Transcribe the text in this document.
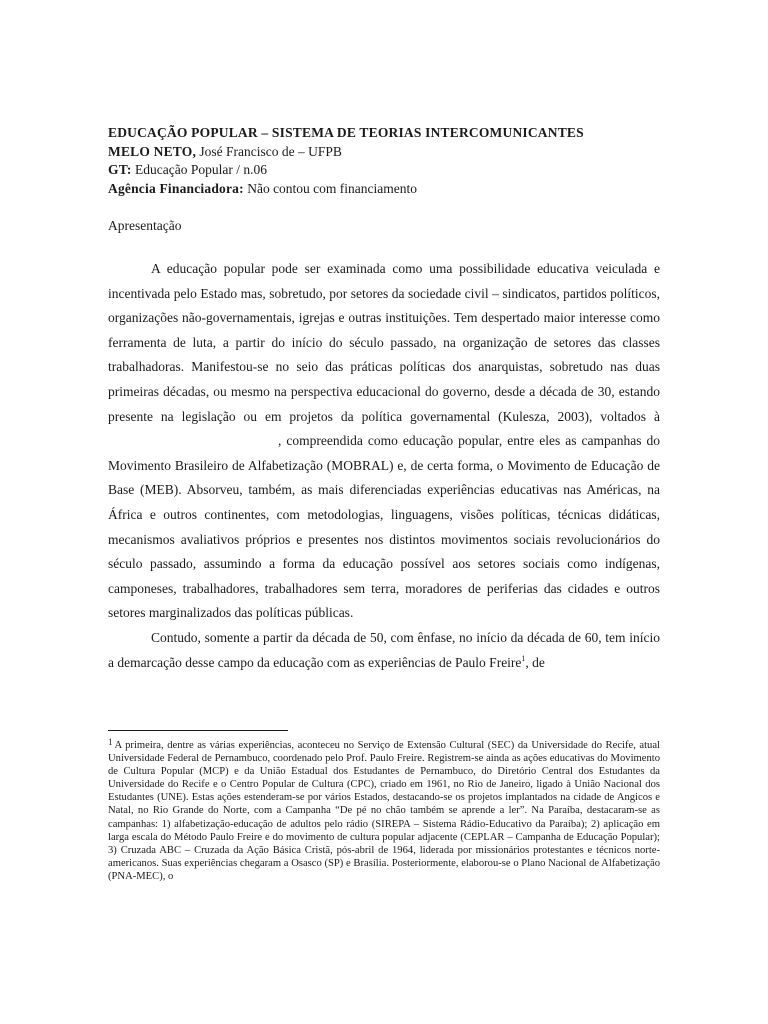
EDUCAÇÃO POPULAR – SISTEMA DE TEORIAS INTERCOMUNICANTES

MELO NETO, José Francisco de – UFPB

GT: Educação Popular / n.06

Agência Financiadora: Não contou com financiamento

Apresentação

A educação popular pode ser examinada como uma possibilidade educativa veiculada e incentivada pelo Estado mas, sobretudo, por setores da sociedade civil – sindicatos, partidos políticos, organizações não-governamentais, igrejas e outras instituições. Tem despertado maior interesse como ferramenta de luta, a partir do início do século passado, na organização de setores das classes trabalhadoras. Manifestou-se no seio das práticas políticas dos anarquistas, sobretudo nas duas primeiras décadas, ou mesmo na perspectiva educacional do governo, desde a década de 30, estando presente na legislação ou em projetos da política governamental (Kulesza, 2003), voltados à, compreendida como educação popular, entre eles as campanhas do Movimento Brasileiro de Alfabetização (MOBRAL) e, de certa forma, o Movimento de Educação de Base (MEB). Absorveu, também, as mais diferenciadas experiências educativas nas Américas, na África e outros continentes, com metodologias, linguagens, visões políticas, técnicas didáticas, mecanismos avaliativos próprios e presentes nos distintos movimentos sociais revolucionários do século passado, assumindo a forma da educação possível aos setores sociais como indígenas, camponeses, trabalhadores, trabalhadores sem terra, moradores de periferias das cidades e outros setores marginalizados das políticas públicas.

Contudo, somente a partir da década de 50, com ênfase, no início da década de 60, tem início a demarcação desse campo da educação com as experiências de Paulo Freire$^1$, de

$^1$ A primeira, dentre as várias experiências, aconteceu no Serviço de Extensão Cultural (SEC) da Universidade do Recife, atual Universidade Federal de Pernambuco, coordenado pelo Prof. Paulo Freire. Registrem-se ainda as ações educativas do Movimento de Cultura Popular (MCP) e da União Estadual dos Estudantes de Pernambuco, do Diretório Central dos Estudantes da Universidade do Recife e o Centro Popular de Cultura (CPC), criado em 1961, no Rio de Janeiro, ligado à União Nacional dos Estudantes (UNE). Estas ações estenderam-se por vários Estados, destacando-se os projetos implantados na cidade de Angicos e Natal, no Rio Grande do Norte, com a Campanha “De pé no chão também se aprende a ler”. Na Paraíba, destacaram-se as campanhas: 1) alfabetização-educação de adultos pelo rádio (SIREPA – Sistema Rádio-Educativo da Paraíba); 2) aplicação em larga escala do Método Paulo Freire e do movimento de cultura popular adjacente (CEPLAR – Campanha de Educação Popular); 3) Cruzada ABC – Cruzada da Ação Básica Cristã, pós-abril de 1964, liderada por missionários protestantes e técnicos norte-americanos. Suas experiências chegaram a Osasco (SP) e Brasília. Posteriormente, elaborou-se o Plano Nacional de Alfabetização (PNA-MEC), o
